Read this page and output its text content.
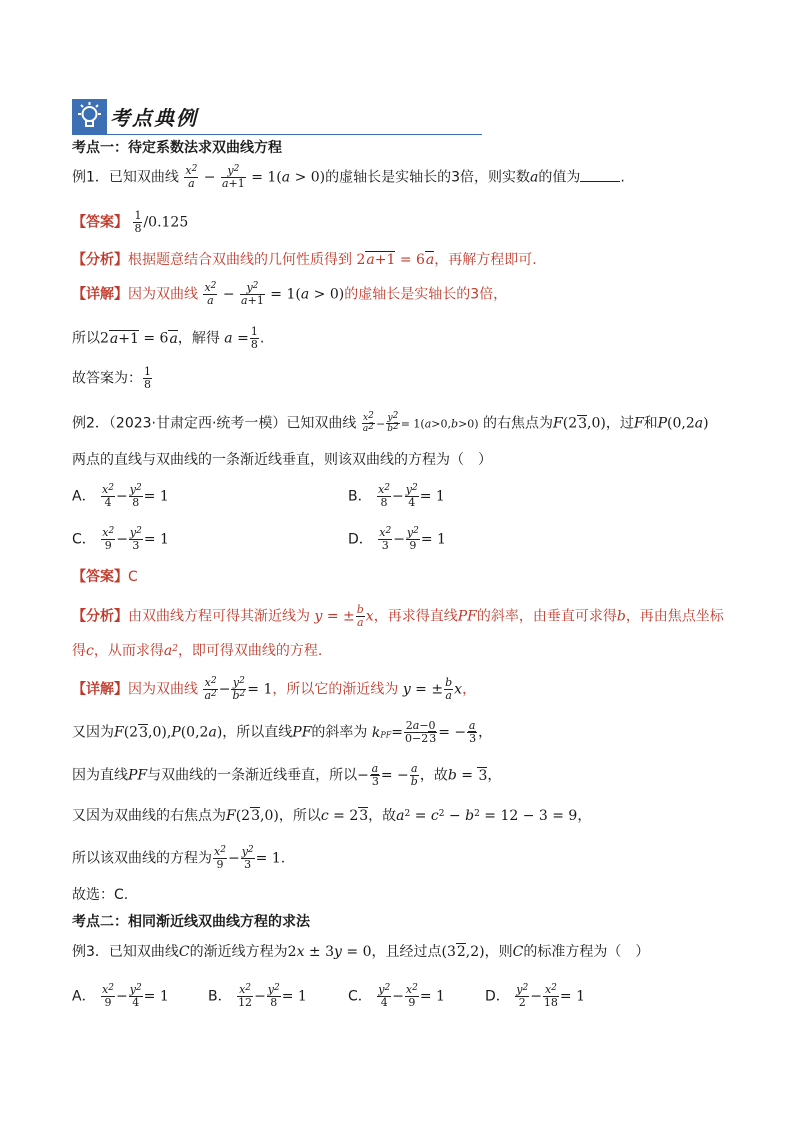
考点典例
考点一：待定系数法求双曲线方程
例1．已知双曲线 $\frac{x^2}{a} - \frac{y^2}{a+1} = 1(a > 0)$的虚轴长是实轴长的3倍，则实数a的值为	.
【答案】 $\frac{1}{8} /0.125$
【分析】根据题意结合双曲线的几何性质得到 2a+1 = 6a，再解方程即可.
【详解】因为双曲线 $\frac{x^2}{a} - \frac{y^2}{a+1} = 1(a > 0)$的虚轴长是实轴长的3倍，
所以2a+1 = 6a，解得 $a = \frac{1}{8}$ .
故答案为： $\frac{1}{8}$
例2．（2023·甘肃定西·统考一模）已知双曲线 $\frac{x^2}{a^2} - \frac{y^2}{b^2} = 1(a>0,b>0)$ 的右焦点为F(23,0)，过F和P(0,2a)
两点的直线与双曲线的一条渐近线垂直，则该双曲线的方程为（　）
A． $\frac{x^2}{4} - \frac{y^2}{8} = 1$	B． $\frac{x^2}{8} - \frac{y^2}{4} = 1$
C． $\frac{x^2}{9} - \frac{y^2}{3} = 1$	D． $\frac{x^2}{3} - \frac{y^2}{9} = 1$
【答案】C
【分析】由双曲线方程可得其渐近线为 y = ± $\frac{b}{a}$ x，再求得直线PF的斜率，由垂直可求得b，再由焦点坐标
得c，从而求得$a^2$，即可得双曲线的方程.
【详解】因为双曲线 $\frac{x^2}{a^2} - \frac{y^2}{b^2} = 1$，所以它的渐近线为 y = ± $\frac{b}{a}$ x，
又因为F(23,0),P(0,2a)，所以直线PF的斜率为 $kPF= \frac{2a-0}{0-23}$ = − $\frac{a}{3}$ ，
因为直线PF与双曲线的一条渐近线垂直，所以− $\frac{a}{3}$ = − $\frac{a}{b}$ ，故b = 3，
又因为双曲线的右焦点为F(23,0)，所以c = 23，故$a^2 = c^2 - b^2 = 12 - 3 = 9$，
所以该双曲线的方程为 $\frac{x^2}{9} - \frac{y^2}{3} = 1$.
故选：C.
考点二：相同渐近线双曲线方程的求法
例3．已知双曲线C的渐近线方程为2x ± 3y = 0，且经过点(32,2)，则C的标准方程为（　）
A． $\frac{x^2}{9} - \frac{y^2}{4} = 1$	B． $\frac{x^2}{12} - \frac{y^2}{8} = 1$	C． $\frac{y^2}{4} - \frac{x^2}{9} = 1$	D． $\frac{y^2}{2} - \frac{x^2}{18} = 1$
